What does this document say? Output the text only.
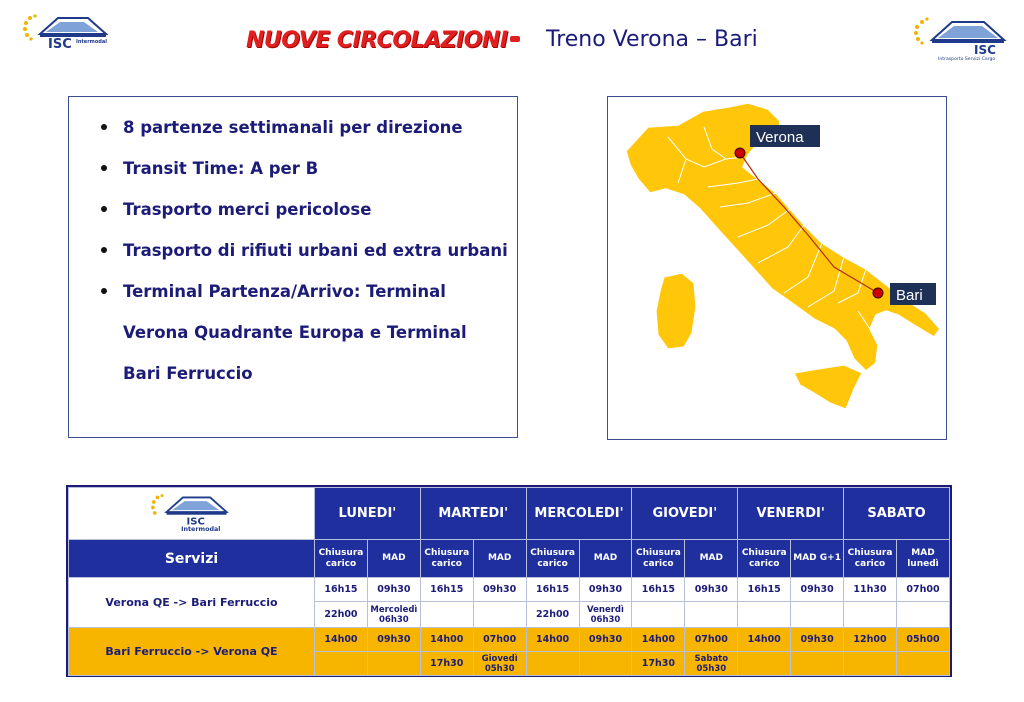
ISC Intermodal	NUOVE CIRCOLAZIONI Treno Verona – Bari	ISC
Intrasporto Servizi Cargo
8 partenze settimanali per direzione
Transit Time: A per B
Trasporto merci pericolose
Trasporto di rifiuti urbani ed extra urbani
Terminal Partenza/Arrivo: Terminal Verona Quadrante Europa e Terminal Bari Ferruccio
Verona
Bari
ISC
Intermodal	LUNEDI'		MARTEDI'		MERCOLEDI'		GIOVEDI'		VENERDI'		SABATO	
Servizi	Chiusura carico	MAD	Chiusura carico	MAD	Chiusura carico	MAD	Chiusura carico	MAD	Chiusura carico	MAD G+1	Chiusura carico	MAD lunedì
Verona QE -> Bari Ferruccio	16h15	09h30	16h15	09h30	16h15	09h30	16h15	09h30	16h15	09h30	11h30	07h00
	22h00	Mercoledì 06h30			22h00	Venerdì 06h30						
Bari Ferruccio -> Verona QE	14h00	09h30	14h00	07h00	14h00	09h30	14h00	07h00	14h00	09h30	12h00	05h00
			17h30	Giovedì 05h30			17h30	Sabato 05h30				
